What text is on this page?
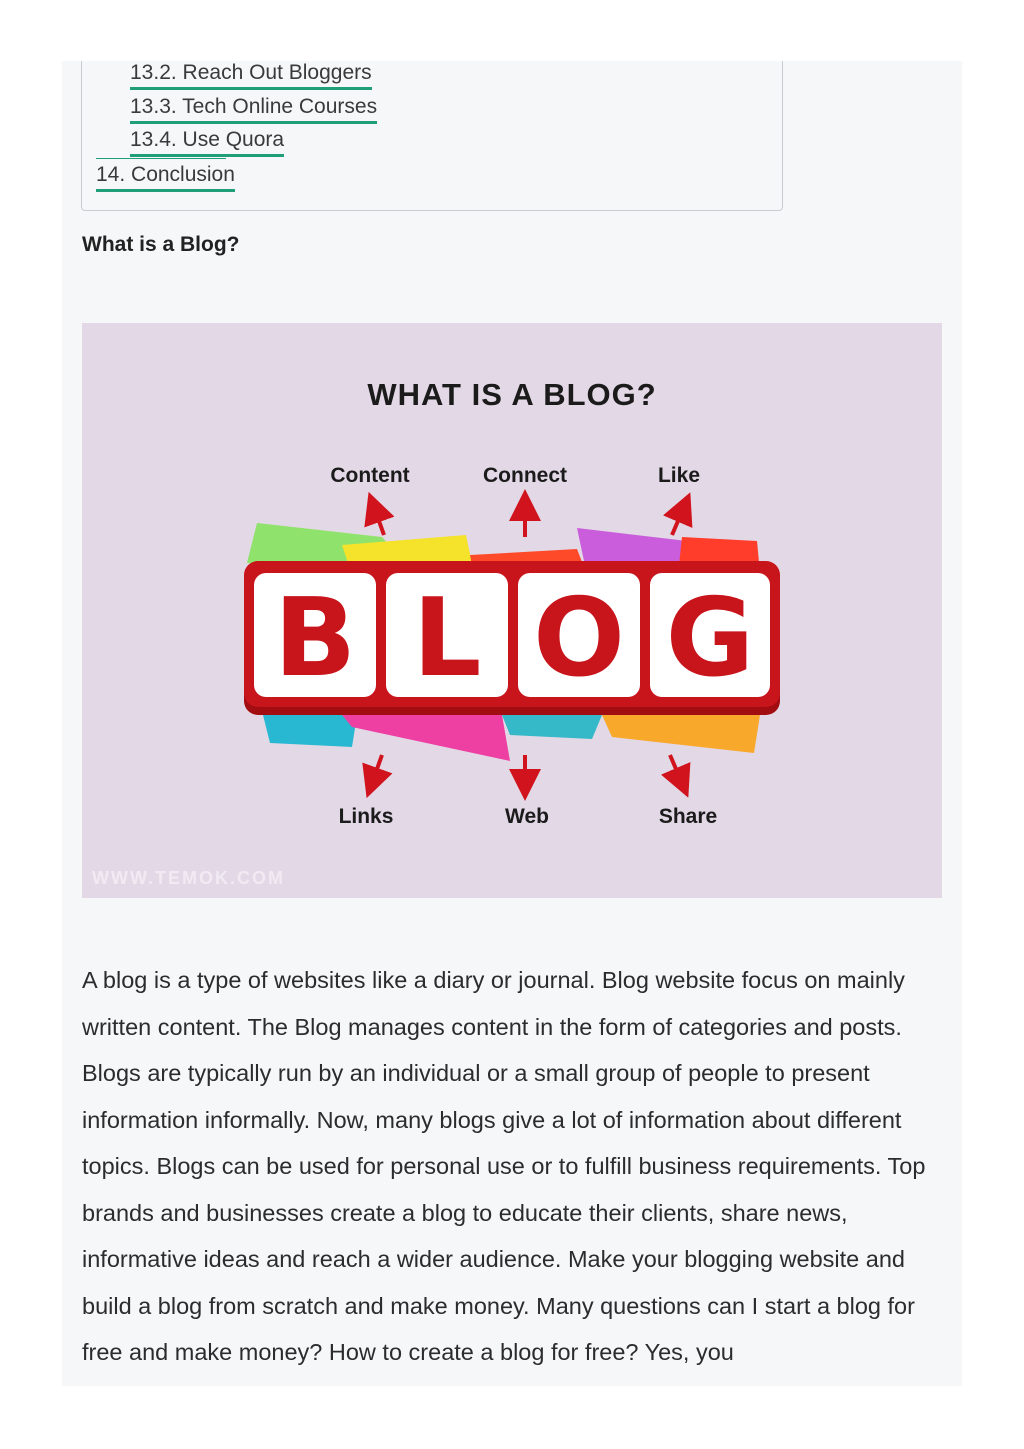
13.2. Reach Out Bloggers
13.3. Tech Online Courses
13.4. Use Quora
14. Conclusion
What is a Blog?
B L O G
WHAT IS A BLOG?
Content	Connect	Like
Links	Web	Share
WWW.TEMOK.COM

A blog is a type of websites like a diary or journal. Blog website focus on mainly written content. The Blog manages content in the form of categories and posts. Blogs are typically run by an individual or a small group of people to present information informally. Now, many blogs give a lot of information about different topics. Blogs can be used for personal use or to fulfill business requirements. Top brands and businesses create a blog to educate their clients, share news, informative ideas and reach a wider audience. Make your blogging website and build a blog from scratch and make money. Many questions can I start a blog for free and make money? How to create a blog for free? Yes, you
